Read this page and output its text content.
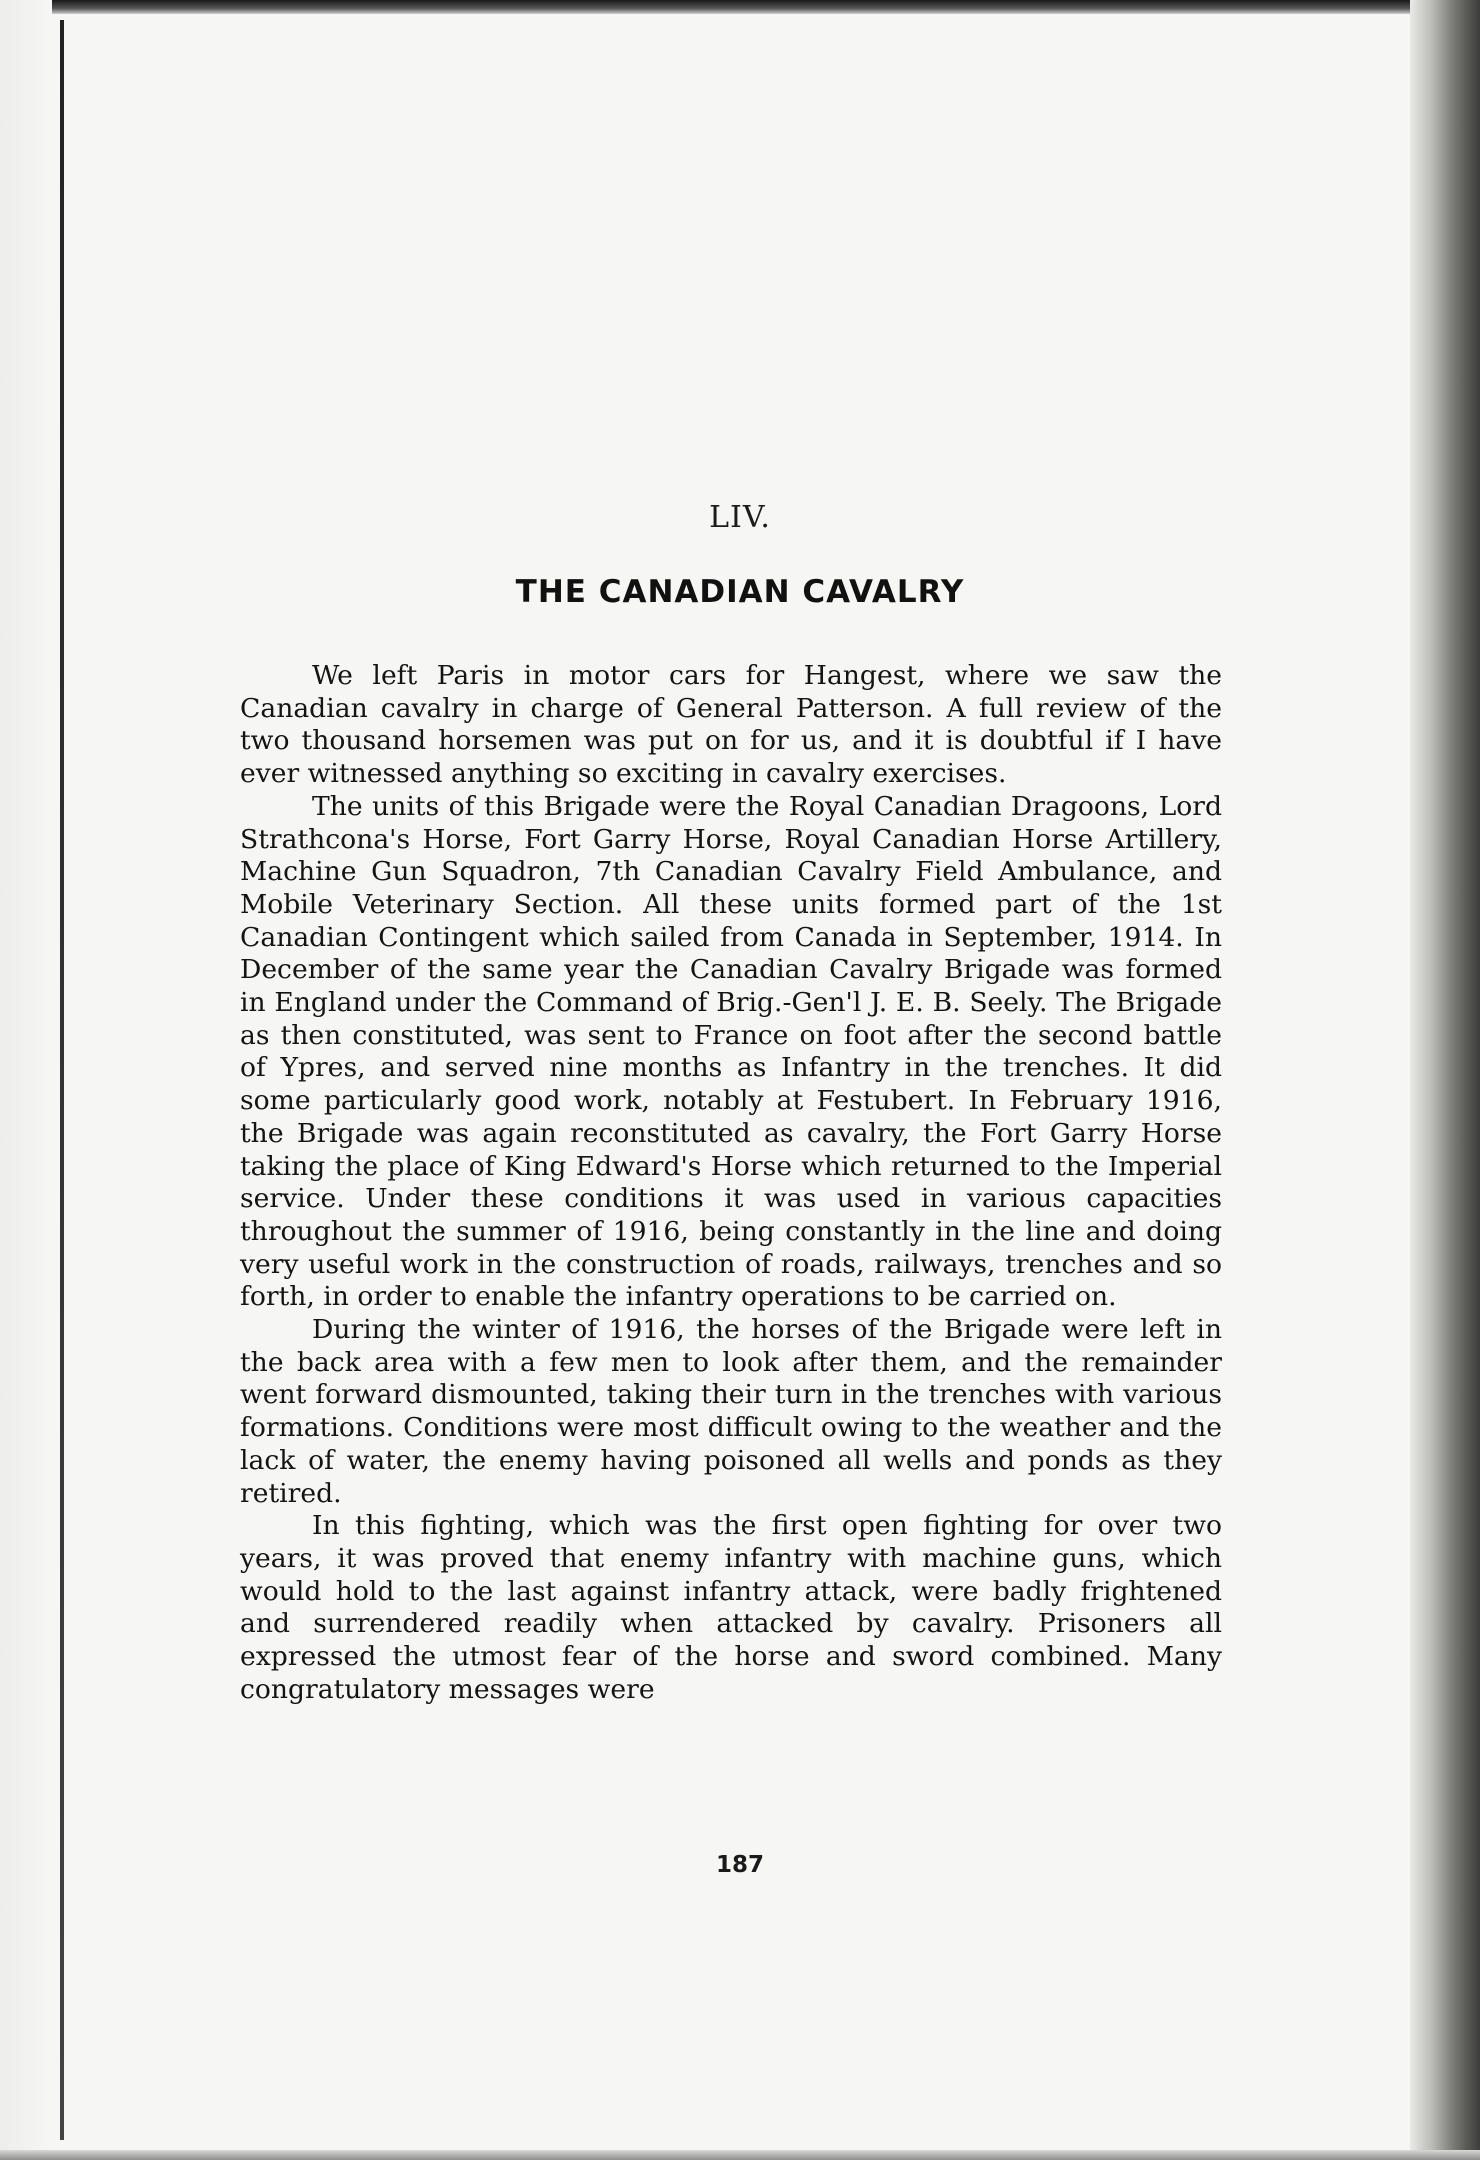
LIV.
THE CANADIAN CAVALRY

We left Paris in motor cars for Hangest, where we saw the Canadian cavalry in charge of General Patterson. A full review of the two thousand horsemen was put on for us, and it is doubtful if I have ever witnessed anything so exciting in cavalry exercises.

The units of this Brigade were the Royal Canadian Dragoons, Lord Strathcona's Horse, Fort Garry Horse, Royal Canadian Horse Artillery, Machine Gun Squadron, 7th Canadian Cavalry Field Ambulance, and Mobile Veterinary Section. All these units formed part of the 1st Canadian Contingent which sailed from Canada in September, 1914. In December of the same year the Canadian Cavalry Brigade was formed in England under the Command of Brig.-Gen'l J. E. B. Seely. The Brigade as then constituted, was sent to France on foot after the second battle of Ypres, and served nine months as Infantry in the trenches. It did some particularly good work, notably at Festubert. In February 1916, the Brigade was again reconstituted as cavalry, the Fort Garry Horse taking the place of King Edward's Horse which returned to the Imperial service. Under these conditions it was used in various capacities throughout the summer of 1916, being constantly in the line and doing very useful work in the construction of roads, railways, trenches and so forth, in order to enable the infantry operations to be carried on.

During the winter of 1916, the horses of the Brigade were left in the back area with a few men to look after them, and the remainder went forward dismounted, taking their turn in the trenches with various formations. Conditions were most difficult owing to the weather and the lack of water, the enemy having poisoned all wells and ponds as they retired.

In this fighting, which was the first open fighting for over two years, it was proved that enemy infantry with machine guns, which would hold to the last against infantry attack, were badly frightened and surrendered readily when attacked by cavalry. Prisoners all expressed the utmost fear of the horse and sword combined. Many congratulatory messages were

187
